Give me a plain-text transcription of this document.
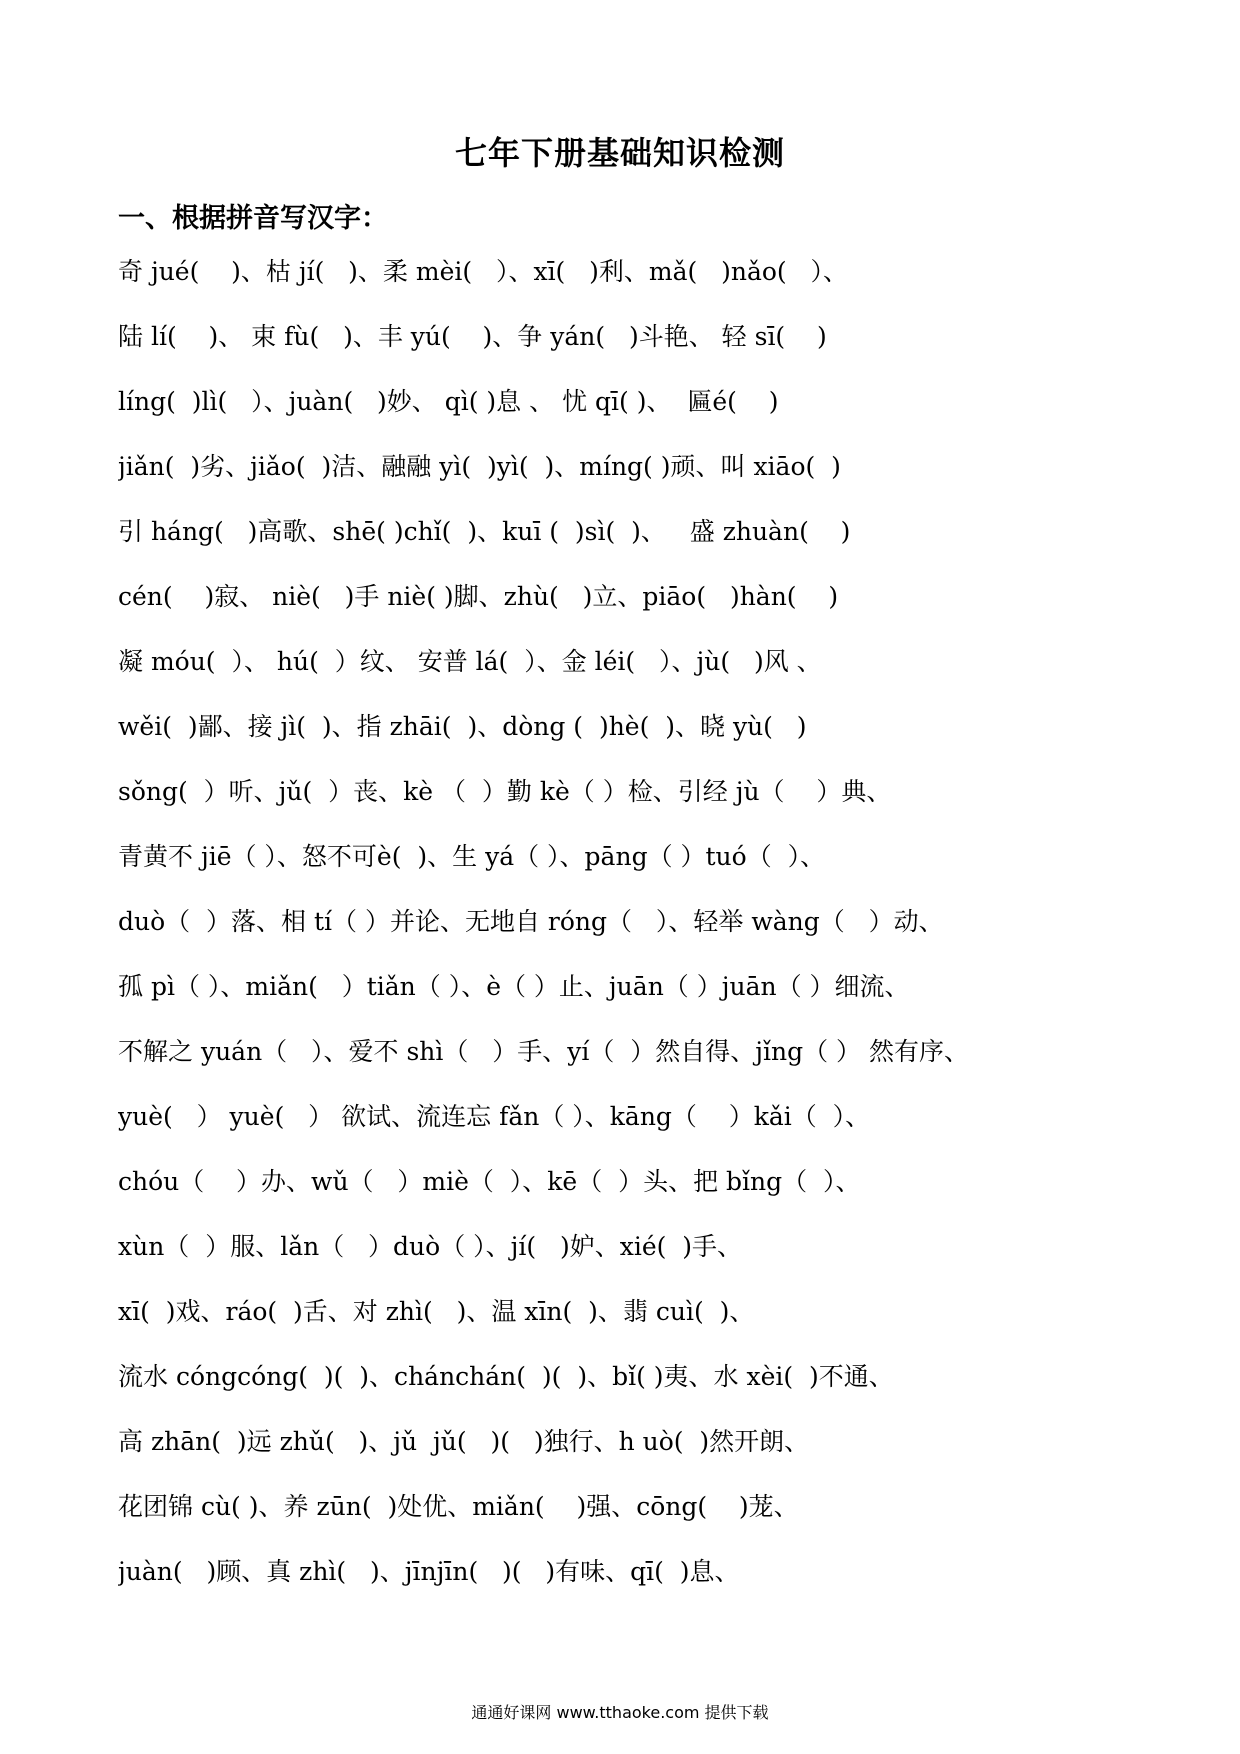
七年下册基础知识检测
一、根据拼音写汉字：
奇 jué(    )、枯 jí(   )、柔 mèi(   ）、xī(   )利、mǎ(   )nǎo(   ）、
陆 lí(    )、 束 fù(   )、丰 yú(    )、争 yán(   )斗艳、 轻 sī(    )
líng(  )lì(   ）、juàn(   )妙、 qì( )息 、 忧 qī( )、  匾é(    )
jiǎn(  )劣、jiǎo(  )洁、融融 yì(  )yì(  )、míng( )顽、叫 xiāo(  )
引 háng(   )高歌、shē( )chǐ(  )、kuī (  )sì(  )、   盛 zhuàn(    )
cén(    )寂、 niè(   )手 niè( )脚、zhù(   )立、piāo(   )hàn(    )
凝 móu(  ）、 hú(  ）纹、 安普 lá(  ）、金 léi(   ）、jù(   )风 、
wěi(  )鄙、接 jì(  )、指 zhāi(  )、dòng (  )hè(  )、晓 yù(   )
sǒng(  ）听、jǔ(  ）丧、kè （  ）勤 kè（ ）检、引经 jù（    ）典、
青黄不 jiē（ ）、怒不可è(  )、生 yá（ ）、pāng（ ）tuó（  ）、
duò（  ）落、相 tí（ ）并论、无地自 róng（   ）、轻举 wàng（   ）动、
孤 pì（ ）、miǎn(   ）tiǎn（ ）、è（ ）止、juān（ ）juān（ ）细流、
不解之 yuán（   ）、爱不 shì（   ）手、yí（  ）然自得、jǐng（ ） 然有序、
yuè(   ） yuè(   ） 欲试、流连忘 fǎn（ ）、kāng（    ）kǎi（  ）、
chóu（    ）办、wǔ（   ）miè（  ）、kē（  ）头、把 bǐng（  ）、
xùn（  ）服、lǎn（   ）duò（ ）、jí(   )妒、xié(  )手、
xī(  )戏、ráo(  )舌、对 zhì(   )、温 xīn(  )、翡 cuì(  )、
流水 cóngcóng(  )(  )、chánchán(  )(  )、bǐ( )夷、水 xèi(  )不通、
高 zhān(  )远 zhǔ(   )、jǔ  jǔ(   )(   )独行、h uò(  )然开朗、
花团锦 cù( )、养 zūn(  )处优、miǎn(    )强、cōng(    )茏、
juàn(   )顾、真 zhì(   )、jīnjīn(   )(   )有味、qī(  )息、
通通好课网 www.tthaoke.com 提供下载
